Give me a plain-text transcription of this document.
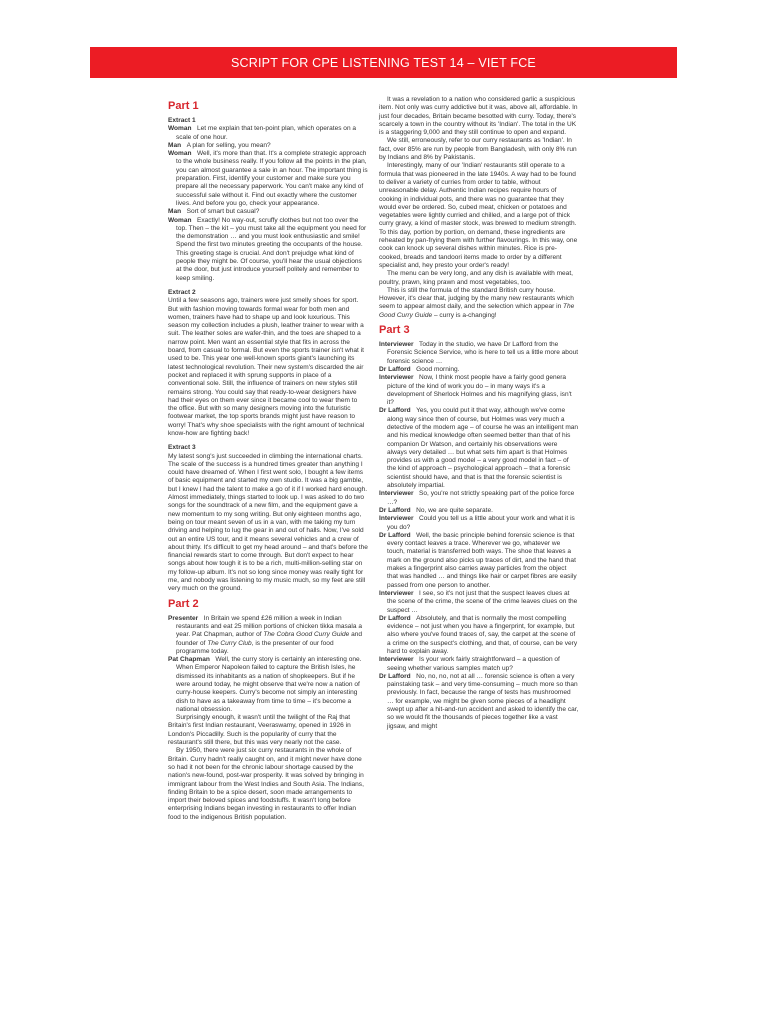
SCRIPT FOR CPE LISTENING TEST 14 – VIET FCE
Part 1
Extract 1

Woman Let me explain that ten-point plan, which operates on a scale of one hour.

Man A plan for selling, you mean?

Woman Well, it's more than that. It's a complete strategic approach to the whole business really. If you follow all the points in the plan, you can almost guarantee a sale in an hour. The important thing is preparation. First, identify your customer and make sure you prepare all the necessary paperwork. You can't make any kind of successful sale without it. Find out exactly where the customer lives. And before you go, check your appearance.

Man Sort of smart but casual?

Woman Exactly! No way-out, scruffy clothes but not too over the top. Then – the kit – you must take all the equipment you need for the demonstration … and you must look enthusiastic and smile! Spend the first two minutes greeting the occupants of the house. This greeting stage is crucial. And don't prejudge what kind of people they might be. Of course, you'll hear the usual objections at the door, but just introduce yourself politely and remember to keep smiling.

Extract 2

Until a few seasons ago, trainers were just smelly shoes for sport. But with fashion moving towards formal wear for both men and women, trainers have had to shape up and look luxurious. This season my collection includes a plush, leather trainer to wear with a suit. The leather soles are wafer-thin, and the toes are shaped to a narrow point. Men want an essential style that fits in across the board, from casual to formal. But even the sports trainer isn't what it used to be. This year one well-known sports giant's launching its latest technological revolution. Their new system's discarded the air pocket and replaced it with sprung supports in place of a conventional sole. Still, the influence of trainers on new styles still remains strong. You could say that ready-to-wear designers have had their eyes on them ever since it became cool to wear them to the office. But with so many designers moving into the futuristic footwear market, the top sports brands might just have reason to worry! That's why shoe specialists with the right amount of technical know-how are fighting back!

Extract 3

My latest song's just succeeded in climbing the international charts. The scale of the success is a hundred times greater than anything I could have dreamed of. When I first went solo, I bought a few items of basic equipment and started my own studio. It was a big gamble, but I knew I had the talent to make a go of it if I worked hard enough. Almost immediately, things started to look up. I was asked to do two songs for the soundtrack of a new film, and the equipment gave a new momentum to my song writing. But only eighteen months ago, being on tour meant seven of us in a van, with me taking my turn driving and helping to lug the gear in and out of halls. Now, I've sold out an entire US tour, and it means several vehicles and a crew of about thirty. It's difficult to get my head around – and that's before the financial rewards start to come through. But don't expect to hear songs about how tough it is to be a rich, multi-million-selling star on my follow-up album. It's not so long since money was really tight for me, and nobody was listening to my music much, so my feet are still very much on the ground.

Part 2

Presenter In Britain we spend £26 million a week in Indian restaurants and eat 25 million portions of chicken tikka masala a year. Pat Chapman, author of The Cobra Good Curry Guide and founder of The Curry Club, is the presenter of our food programme today.

Pat Chapman Well, the curry story is certainly an interesting one. When Emperor Napoleon failed to capture the British Isles, he dismissed its inhabitants as a nation of shopkeepers. But if he were around today, he might observe that we're now a nation of curry-house keepers. Curry's become not simply an interesting dish to have as a takeaway from time to time – it's become a national obsession.

Surprisingly enough, it wasn't until the twilight of the Raj that Britain's first Indian restaurant, Veeraswamy, opened in 1926 in London's Piccadilly. Such is the popularity of curry that the restaurant's still there, but this was very nearly not the case.

By 1950, there were just six curry restaurants in the whole of Britain. Curry hadn't really caught on, and it might never have done so had it not been for the chronic labour shortage caused by the nation's new-found, post-war prosperity. It was solved by bringing in immigrant labour from the West Indies and South Asia. The Indians, finding Britain to be a spice desert, soon made arrangements to import their beloved spices and foodstuffs. It wasn't long before enterprising Indians began investing in restaurants to offer Indian food to the indigenous British population.

It was a revelation to a nation who considered garlic a suspicious item. Not only was curry addictive but it was, above all, affordable. In just four decades, Britain became besotted with curry. Today, there's scarcely a town in the country without its 'Indian'. The total in the UK is a staggering 9,000 and they still continue to open and expand.

We still, erroneously, refer to our curry restaurants as 'Indian'. In fact, over 85% are run by people from Bangladesh, with only 8% run by Indians and 8% by Pakistanis.

Interestingly, many of our 'Indian' restaurants still operate to a formula that was pioneered in the late 1940s. A way had to be found to deliver a variety of curries from order to table, without unreasonable delay. Authentic Indian recipes require hours of cooking in individual pots, and there was no guarantee that they would ever be ordered. So, cubed meat, chicken or potatoes and vegetables were lightly curried and chilled, and a large pot of thick curry gravy, a kind of master stock, was brewed to medium strength. To this day, portion by portion, on demand, these ingredients are reheated by pan-frying them with further flavourings. In this way, one cook can knock up several dishes within minutes. Rice is pre-cooked, breads and tandoori items made to order by a different specialist and, hey presto your order's ready!

The menu can be very long, and any dish is available with meat, poultry, prawn, king prawn and most vegetables, too.

This is still the formula of the standard British curry house. However, it's clear that, judging by the many new restaurants which seem to appear almost daily, and the selection which appear in The Good Curry Guide – curry is a-changing!

Part 3

Interviewer Today in the studio, we have Dr Lafford from the Forensic Science Service, who is here to tell us a little more about forensic science …

Dr Lafford Good morning.

Interviewer Now, I think most people have a fairly good genera picture of the kind of work you do – in many ways it's a development of Sherlock Holmes and his magnifying glass, isn't it?

Dr Lafford Yes, you could put it that way, although we've come along way since then of course, but Holmes was very much a detective of the modern age – of course he was an intelligent man and his medical knowledge often seemed better than that of his companion Dr Watson, and certainly his observations were always very detailed … but what sets him apart is that Holmes provides us with a good model – a very good model in fact – of the kind of approach – psychological approach – that a forensic scientist should have, and that is that the forensic scientist is absolutely impartial.

Interviewer So, you're not strictly speaking part of the police force …?

Dr Lafford No, we are quite separate.

Interviewer Could you tell us a little about your work and what it is you do?

Dr Lafford Well, the basic principle behind forensic science is that every contact leaves a trace. Wherever we go, whatever we touch, material is transferred both ways. The shoe that leaves a mark on the ground also picks up traces of dirt, and the hand that makes a fingerprint also carries away particles from the object that was handled … and things like hair or carpet fibres are easily passed from one person to another.

Interviewer I see, so it's not just that the suspect leaves clues at the scene of the crime, the scene of the crime leaves clues on the suspect …

Dr Lafford Absolutely, and that is normally the most compelling evidence – not just when you have a fingerprint, for example, but also where you've found traces of, say, the carpet at the scene of a crime on the suspect's clothing, and that, of course, can be very hard to explain away.

Interviewer Is your work fairly straightforward – a question of seeing whether various samples match up?

Dr Lafford No, no, no, not at all … forensic science is often a very painstaking task – and very time-consuming – much more so than previously. In fact, because the range of tests has mushroomed … for example, we might be given some pieces of a headlight swept up after a hit-and-run accident and asked to identify the car, so we would fit the thousands of pieces together like a vast jigsaw, and might
